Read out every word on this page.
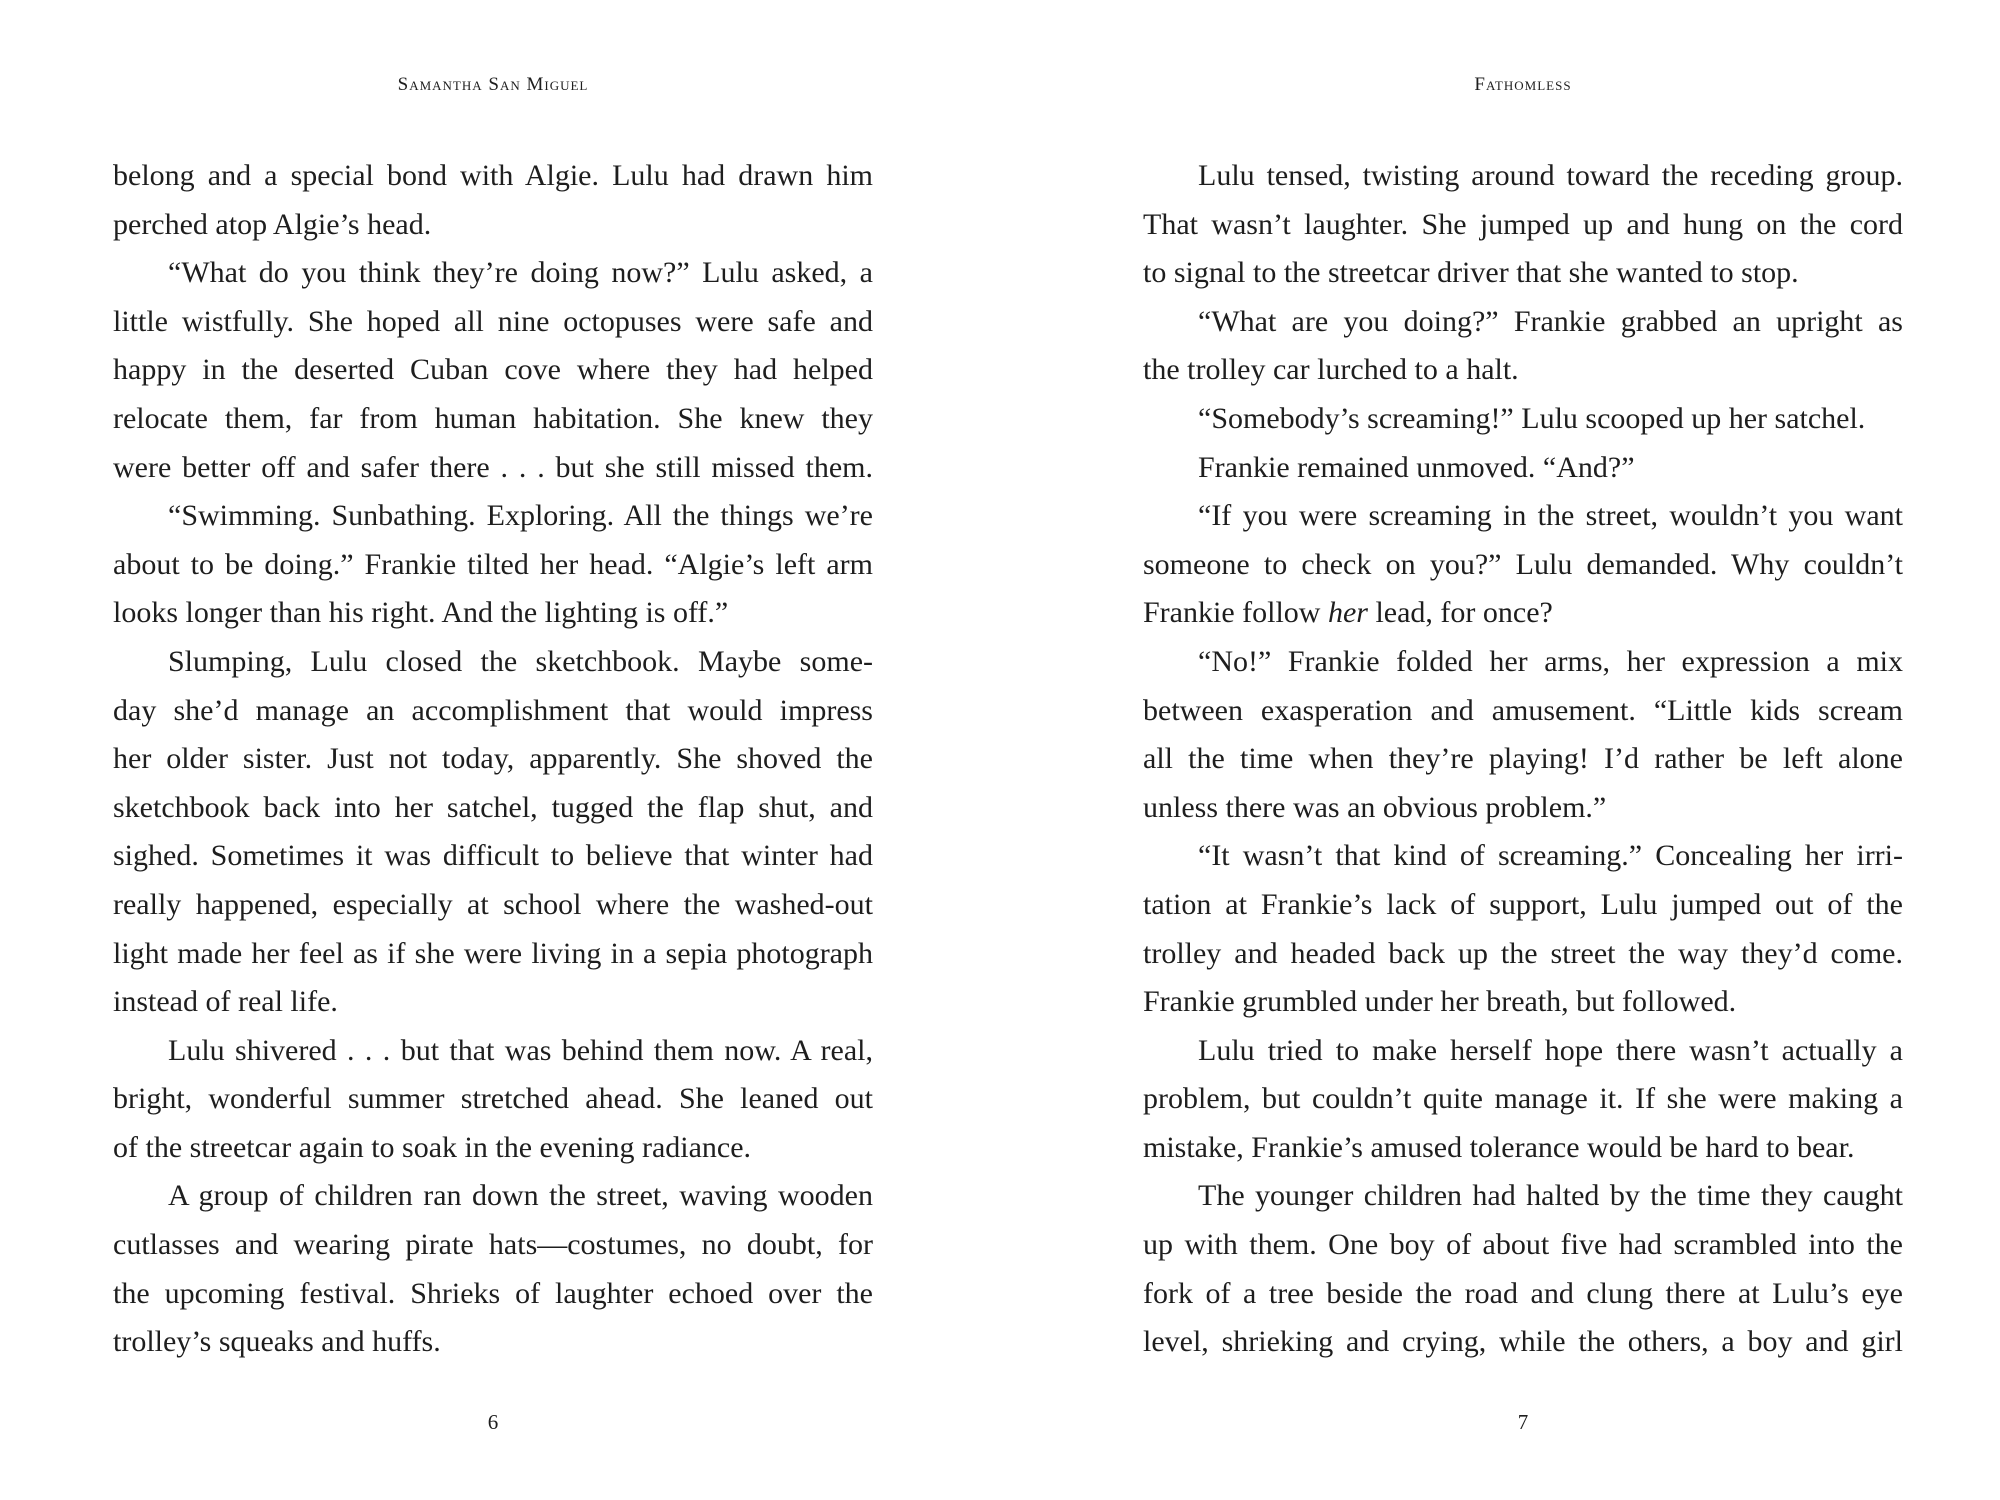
Samantha San Miguel
belong and a special bond with Algie. Lulu had drawn him
perched atop Algie’s head.
“What do you think they’re doing now?” Lulu asked, a
little wistfully. She hoped all nine octopuses were safe and
happy in the deserted Cuban cove where they had helped
relocate them, far from human habitation. She knew they
were better off and safer there . . . but she still missed them.
“Swimming. Sunbathing. Exploring. All the things we’re
about to be doing.” Frankie tilted her head. “Algie’s left arm
looks longer than his right. And the lighting is off.”
Slumping, Lulu closed the sketchbook. Maybe some-
day she’d manage an accomplishment that would impress
her older sister. Just not today, apparently. She shoved the
sketchbook back into her satchel, tugged the flap shut, and
sighed. Sometimes it was difficult to believe that winter had
really happened, especially at school where the washed-out
light made her feel as if she were living in a sepia photograph
instead of real life.
Lulu shivered . . . but that was behind them now. A real,
bright, wonderful summer stretched ahead. She leaned out
of the streetcar again to soak in the evening radiance.
A group of children ran down the street, waving wooden
cutlasses and wearing pirate hats—costumes, no doubt, for
the upcoming festival. Shrieks of laughter echoed over the
trolley’s squeaks and huffs.
6
Fathomless
Lulu tensed, twisting around toward the receding group.
That wasn’t laughter. She jumped up and hung on the cord
to signal to the streetcar driver that she wanted to stop.
“What are you doing?” Frankie grabbed an upright as
the trolley car lurched to a halt.
“Somebody’s screaming!” Lulu scooped up her satchel.
Frankie remained unmoved. “And?”
“If you were screaming in the street, wouldn’t you want
someone to check on you?” Lulu demanded. Why couldn’t
Frankie follow her lead, for once?
“No!” Frankie folded her arms, her expression a mix
between exasperation and amusement. “Little kids scream
all the time when they’re playing! I’d rather be left alone
unless there was an obvious problem.”
“It wasn’t that kind of screaming.” Concealing her irri-
tation at Frankie’s lack of support, Lulu jumped out of the
trolley and headed back up the street the way they’d come.
Frankie grumbled under her breath, but followed.
Lulu tried to make herself hope there wasn’t actually a
problem, but couldn’t quite manage it. If she were making a
mistake, Frankie’s amused tolerance would be hard to bear.
The younger children had halted by the time they caught
up with them. One boy of about five had scrambled into the
fork of a tree beside the road and clung there at Lulu’s eye
level, shrieking and crying, while the others, a boy and girl
7
